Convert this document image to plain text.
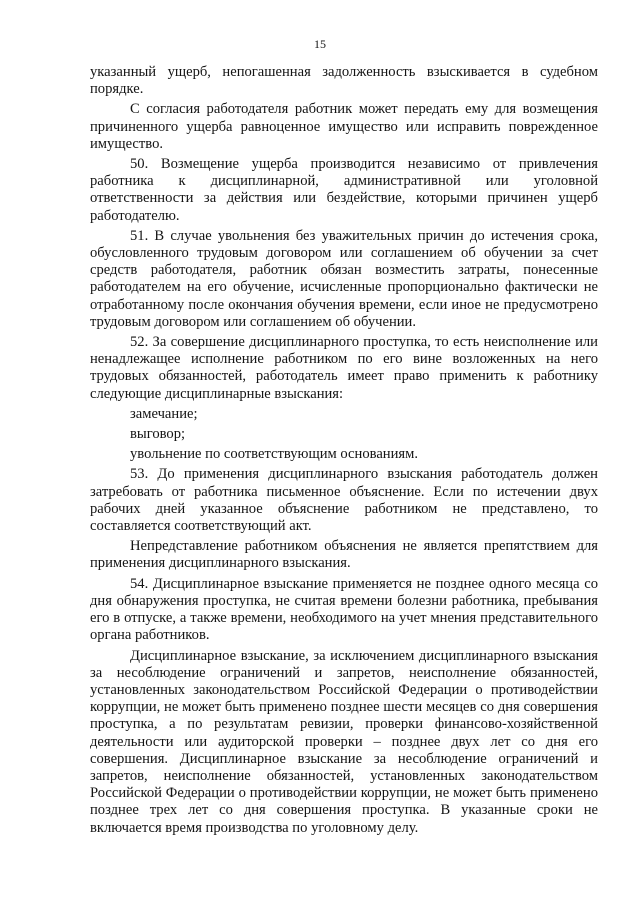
15

указанный ущерб, непогашенная задолженность взыскивается в судебном порядке.

С согласия работодателя работник может передать ему для возмещения причиненного ущерба равноценное имущество или исправить поврежденное имущество.

50. Возмещение ущерба производится независимо от привлечения работника к дисциплинарной, административной или уголовной ответственности за действия или бездействие, которыми причинен ущерб работодателю.

51. В случае увольнения без уважительных причин до истечения срока, обусловленного трудовым договором или соглашением об обучении за счет средств работодателя, работник обязан возместить затраты, понесенные работодателем на его обучение, исчисленные пропорционально фактически не отработанному после окончания обучения времени, если иное не предусмотрено трудовым договором или соглашением об обучении.

52. За совершение дисциплинарного проступка, то есть неисполнение или ненадлежащее исполнение работником по его вине возложенных на него трудовых обязанностей, работодатель имеет право применить к работнику следующие дисциплинарные взыскания:

замечание;

выговор;

увольнение по соответствующим основаниям.

53. До применения дисциплинарного взыскания работодатель должен затребовать от работника письменное объяснение. Если по истечении двух рабочих дней указанное объяснение работником не представлено, то составляется соответствующий акт.

Непредставление работником объяснения не является препятствием для применения дисциплинарного взыскания.

54. Дисциплинарное взыскание применяется не позднее одного месяца со дня обнаружения проступка, не считая времени болезни работника, пребывания его в отпуске, а также времени, необходимого на учет мнения представительного органа работников.

Дисциплинарное взыскание, за исключением дисциплинарного взыскания за несоблюдение ограничений и запретов, неисполнение обязанностей, установленных законодательством Российской Федерации о противодействии коррупции, не может быть применено позднее шести месяцев со дня совершения проступка, а по результатам ревизии, проверки финансово-хозяйственной деятельности или аудиторской проверки – позднее двух лет со дня его совершения. Дисциплинарное взыскание за несоблюдение ограничений и запретов, неисполнение обязанностей, установленных законодательством Российской Федерации о противодействии коррупции, не может быть применено позднее трех лет со дня совершения проступка. В указанные сроки не включается время производства по уголовному делу.
